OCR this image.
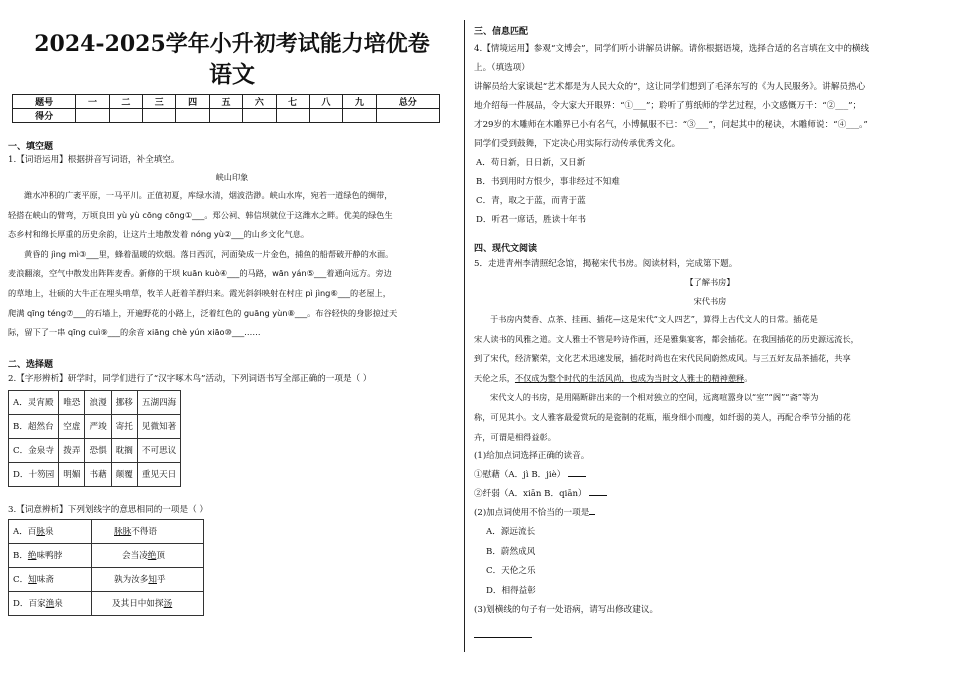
2024-2025学年小升初考试能力培优卷
语文
题号	一	二	三	四	五	六	七	八	九	总分
得分										

一、填空题

1.【词语运用】根据拼音写词语，补全填空。

峡山印象

潍水冲积的广袤平原，一马平川。正值初夏，库绿水清，烟波浩渺。峡山水库，宛若一道绿色的绸带，

轻搭在峡山的臂弯，万顷良田 yù yù cōng cōng①___。郑公祠、韩信坝就位于这潍水之畔。优美的绿色生

态乡村和绵长厚重的历史余韵，让这片土地散发着 nóng yù②___的山乡文化气息。

黄昏的 jìng mì③___里，蜂着温暖的炊烟。落日西沉，河面染成一片金色，捕鱼的船帮破开静的水面。

麦浪翻滚，空气中散发出阵阵麦香。新修的干坝 kuān kuò④___的马路，wān yán⑤___着通向远方。旁边

的草地上，壮硕的大牛正在埋头啃草，牧羊人赶着羊群归来。霞光斜斜映射在村庄 pì jìng⑥___的老屋上，

爬满 qīng téng⑦___的石墙上，开遍野花的小路上，泛着红色的 guāng yùn⑧___。布谷轻快的身影掠过天

际，留下了一串 qīng cuì⑨___的余音 xiāng chè yún xiāo⑩___……

二、选择题

2.【字形辨析】研学时，同学们进行了“汉字啄木鸟”活动，下列词语书写全部正确的一项是（ ）

A．灵宵殿	唯恐	浪漫	挪移	五湖四海
B．超然台	空虚	严竣	寄托	见微知著
C．金泉寺	拨弄	恐惧	耽搁	不可思议
D．十笏园	明媚	书藉	颠覆	重见天日

3.【词意辨析】下列划线字的意思相同的一项是（ ）

A．百脉泉	脉脉不得语
B．绝味鸭脖	会当凌绝顶
C．知味斋	孰为汝多知乎
D．百家渔泉	及其日中如探汤

三、信息匹配

4.【情境运用】参观“文博会”，同学们听小讲解员讲解。请你根据语境，选择合适的名言填在文中的横线

上。（填选项）

讲解员给大家谈起“艺术都是为人民大众的”，这让同学们想到了毛泽东写的《为人民服务》。讲解员热心

地介绍每一件展品，令大家大开眼界：“①___”；聆听了剪纸师的学艺过程，小文感慨万千：“②___”；

才29岁的木雕师在木雕界已小有名气，小博佩服不已：“③___”，问起其中的秘诀，木雕师说：“④___。”

同学们受到鼓舞，下定决心用实际行动传承优秀文化。

A．苟日新，日日新，又日新

B．书到用时方恨少，事非经过不知难

C．青，取之于蓝，而青于蓝

D．听君一席话，胜读十年书

四、现代文阅读

5．走进青州李清照纪念馆，揭秘宋代书房。阅读材料，完成第下题。

【了解书房】

宋代书房

于书房内焚香、点茶、挂画、插花—这是宋代“文人四艺”，算得上古代文人的日常。插花是

宋人读书的风雅之道。文人雅士不管是吟诗作画，还是雅集宴客，都会插花。在我国插花的历史源远流长，

到了宋代，经济繁荣，文化艺术迅速发展，插花时尚也在宋代民间蔚然成风。与三五好友品茶插花，共享

天伦之乐，不仅成为整个时代的生活风尚，也成为当时文人雅士的精神憩释。

宋代文人的书房，是用隔断辟出来的一个相对独立的空间，远离喧嚣身以“室”“阁”“斋”等为

称，可见其小。文人雅客最爱赏玩的是瓷制的花瓶，瓶身细小而瘦，如纤弱的美人，再配合季节分插的花

卉，可谓是相得益彰。

(1)给加点词选择正确的读音。

①慰藉（A．jì B．jiè）

②纤弱（A．xiān B．qiān）

(2)加点词使用不恰当的一项是

A．源远流长

B．蔚然成风

C．天伦之乐

D．相得益彰

(3)划横线的句子有一处语病，请写出修改建议。
